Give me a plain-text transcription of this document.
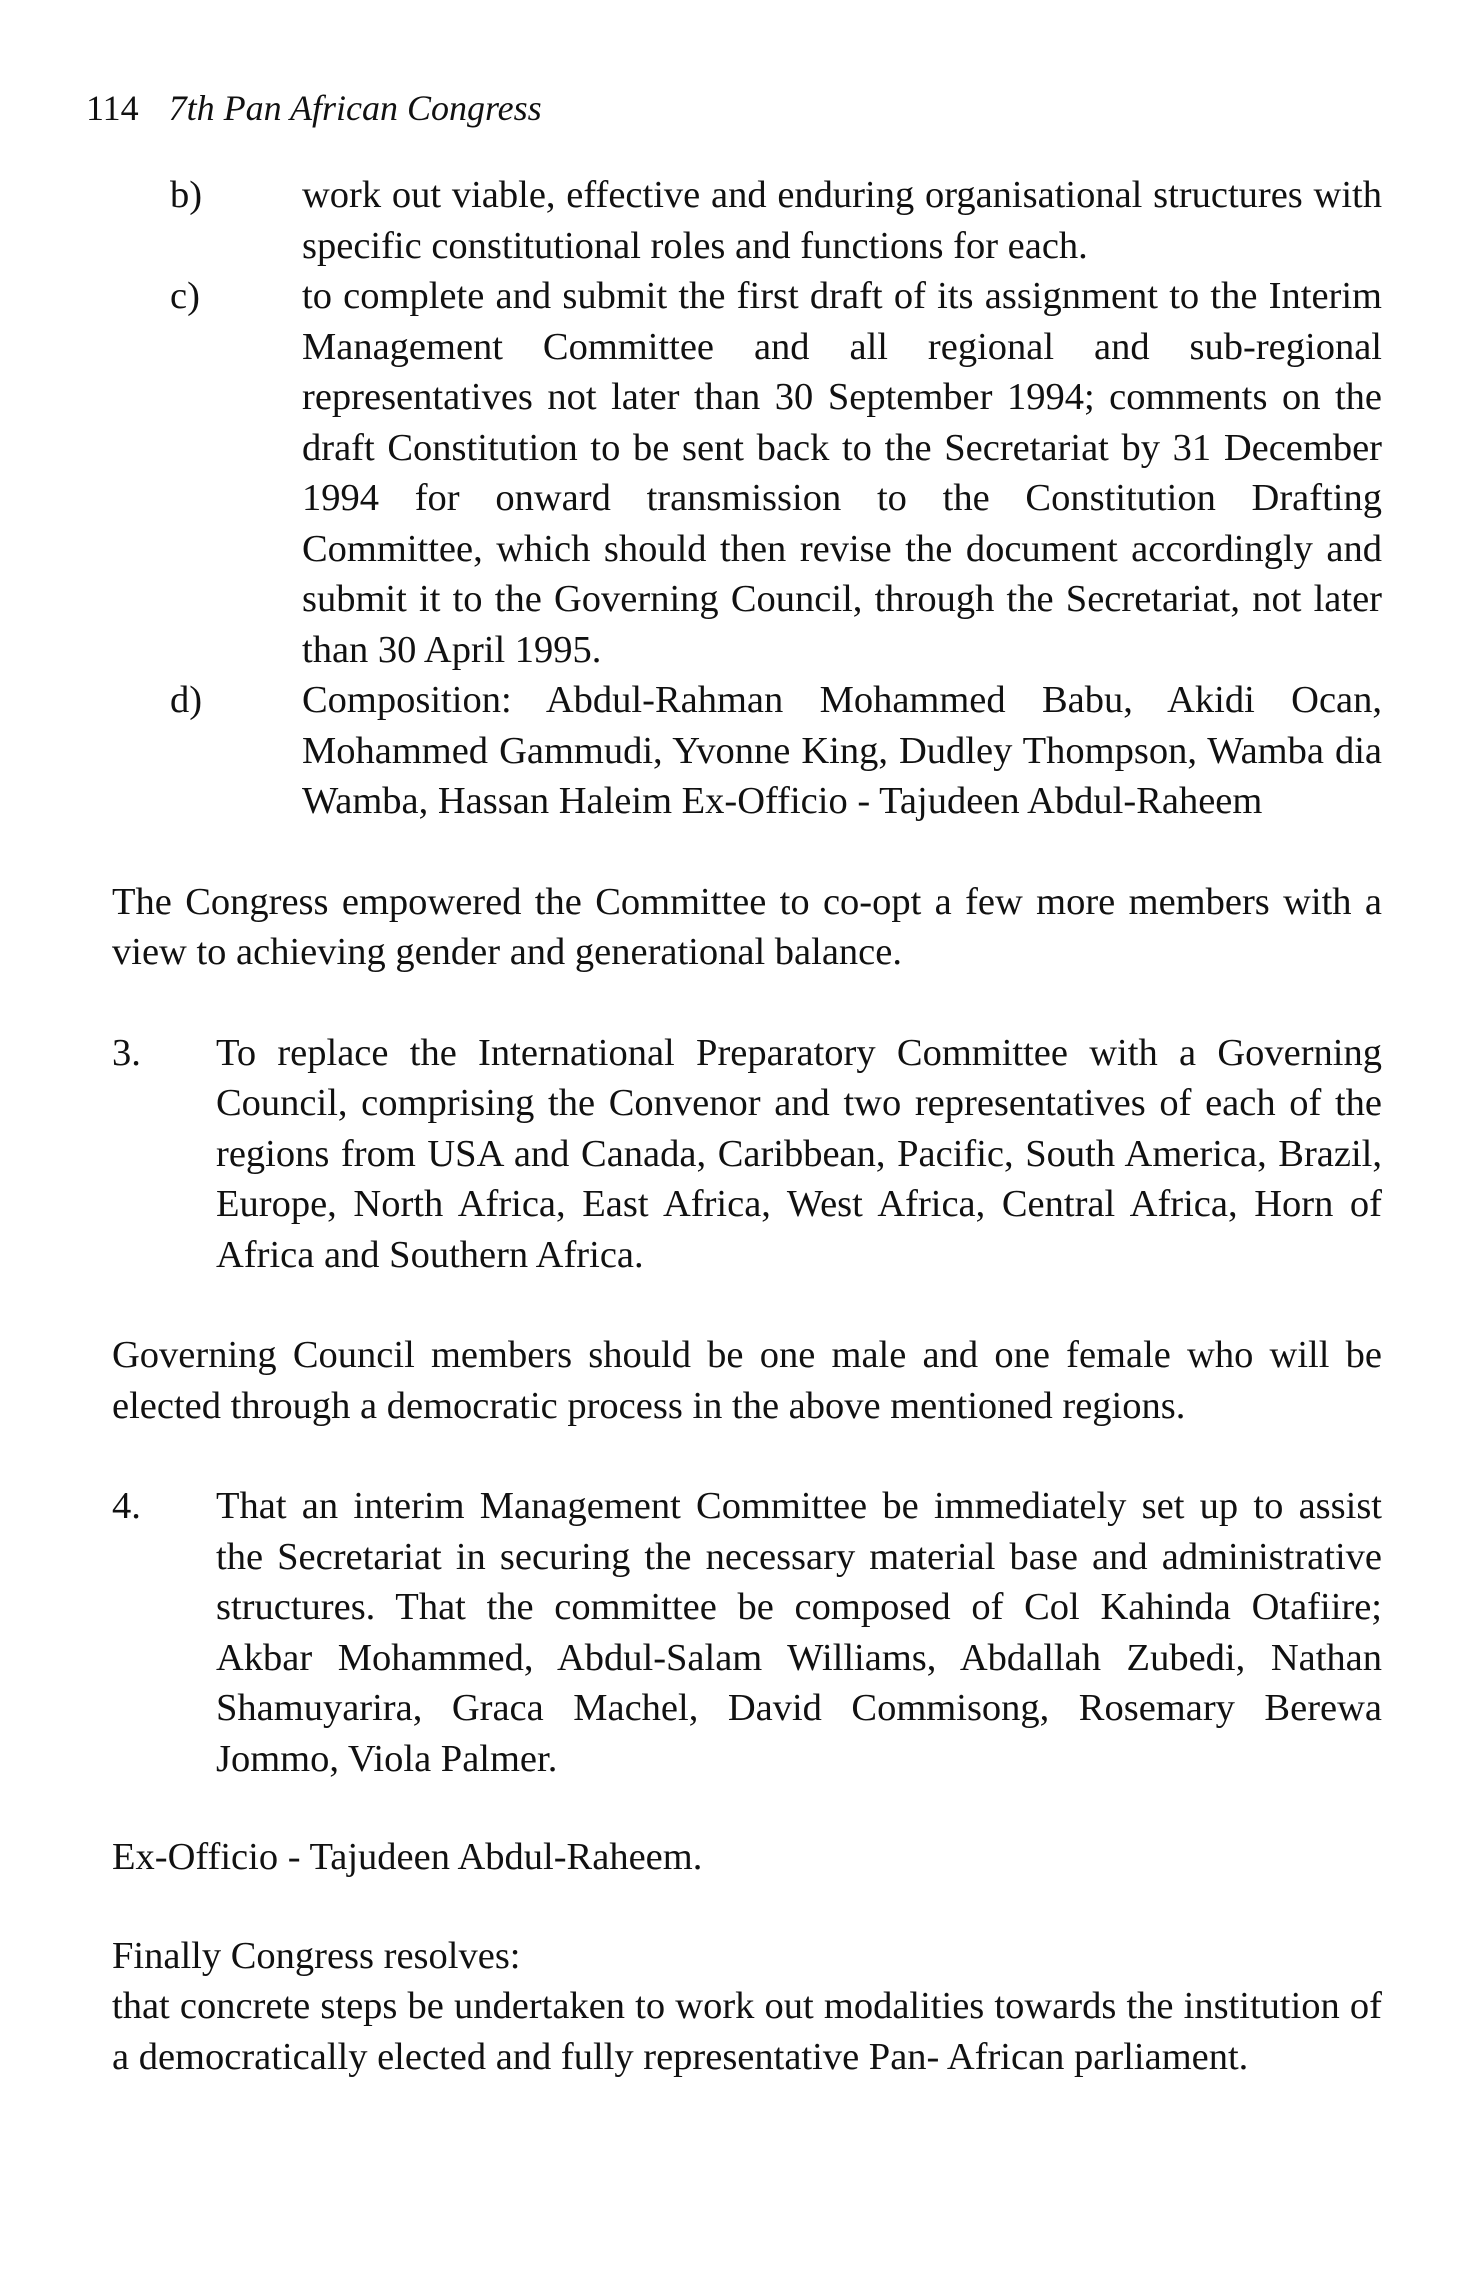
114 7th Pan African Congress
b)	work out viable, effective and enduring organisational structures with specific constitutional roles and functions for each.
c)	to complete and submit the first draft of its assignment to the Interim Management Committee and all regional and sub-regional representatives not later than 30 September 1994; comments on the draft Constitution to be sent back to the Secretariat by 31 December 1994 for onward transmission to the Constitution Drafting Committee, which should then revise the document accordingly and submit it to the Governing Council, through the Secretariat, not later than 30 April 1995.
d)	Composition: Abdul-Rahman Mohammed Babu, Akidi Ocan, Mohammed Gammudi, Yvonne King, Dudley Thompson, Wamba dia Wamba, Hassan Haleim Ex-Officio - Tajudeen Abdul-Raheem

The Congress empowered the Committee to co-opt a few more members with a view to achieving gender and generational balance.

3.	To replace the International Preparatory Committee with a Governing Council, comprising the Convenor and two representatives of each of the regions from USA and Canada, Caribbean, Pacific, South America, Brazil, Europe, North Africa, East Africa, West Africa, Central Africa, Horn of Africa and Southern Africa.

Governing Council members should be one male and one female who will be elected through a democratic process in the above mentioned regions.

4.	That an interim Management Committee be immediately set up to assist the Secretariat in securing the necessary material base and administrative structures. That the committee be composed of Col Kahinda Otafiire; Akbar Mohammed, Abdul-Salam Williams, Abdallah Zubedi, Nathan Shamuyarira, Graca Machel, David Commisong, Rosemary Berewa Jommo, Viola Palmer.

Ex-Officio - Tajudeen Abdul-Raheem.

Finally Congress resolves:
that concrete steps be undertaken to work out modalities towards the institution of a democratically elected and fully representative Pan- African parliament.
